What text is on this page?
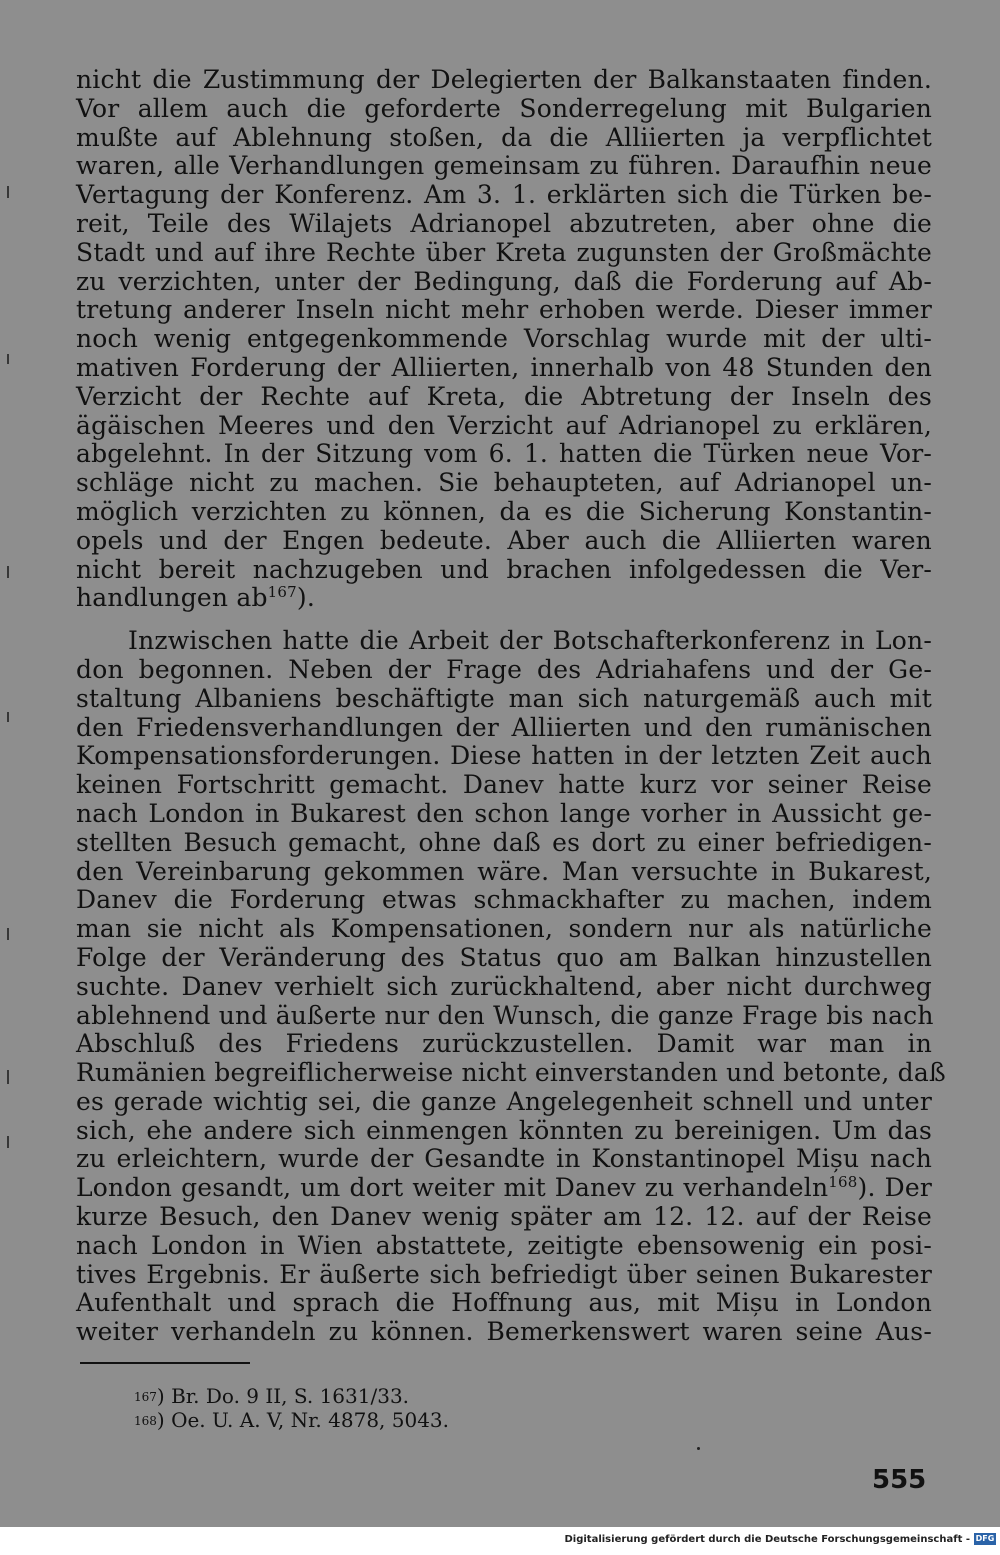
nicht die Zustimmung der Delegierten der Balkanstaaten finden.
Vor allem auch die geforderte Sonderregelung mit Bulgarien
mußte auf Ablehnung stoßen, da die Alliierten ja verpflichtet
waren, alle Verhandlungen gemeinsam zu führen. Daraufhin neue
Vertagung der Konferenz. Am 3. 1. erklärten sich die Türken be-
reit, Teile des Wilajets Adrianopel abzutreten, aber ohne die
Stadt und auf ihre Rechte über Kreta zugunsten der Großmächte
zu verzichten, unter der Bedingung, daß die Forderung auf Ab-
tretung anderer Inseln nicht mehr erhoben werde. Dieser immer
noch wenig entgegenkommende Vorschlag wurde mit der ulti-
mativen Forderung der Alliierten, innerhalb von 48 Stunden den
Verzicht der Rechte auf Kreta, die Abtretung der Inseln des
ägäischen Meeres und den Verzicht auf Adrianopel zu erklären,
abgelehnt. In der Sitzung vom 6. 1. hatten die Türken neue Vor-
schläge nicht zu machen. Sie behaupteten, auf Adrianopel un-
möglich verzichten zu können, da es die Sicherung Konstantin-
opels und der Engen bedeute. Aber auch die Alliierten waren
nicht bereit nachzugeben und brachen infolgedessen die Ver-
handlungen ab$^{167}$).
Inzwischen hatte die Arbeit der Botschafterkonferenz in Lon-
don begonnen. Neben der Frage des Adriahafens und der Ge-
staltung Albaniens beschäftigte man sich naturgemäß auch mit
den Friedensverhandlungen der Alliierten und den rumänischen
Kompensationsforderungen. Diese hatten in der letzten Zeit auch
keinen Fortschritt gemacht. Danev hatte kurz vor seiner Reise
nach London in Bukarest den schon lange vorher in Aussicht ge-
stellten Besuch gemacht, ohne daß es dort zu einer befriedigen-
den Vereinbarung gekommen wäre. Man versuchte in Bukarest,
Danev die Forderung etwas schmackhafter zu machen, indem
man sie nicht als Kompensationen, sondern nur als natürliche
Folge der Veränderung des Status quo am Balkan hinzustellen
suchte. Danev verhielt sich zurückhaltend, aber nicht durchweg
ablehnend und äußerte nur den Wunsch, die ganze Frage bis nach
Abschluß des Friedens zurückzustellen. Damit war man in
Rumänien begreiflicherweise nicht einverstanden und betonte, daß
es gerade wichtig sei, die ganze Angelegenheit schnell und unter
sich, ehe andere sich einmengen könnten zu bereinigen. Um das
zu erleichtern, wurde der Gesandte in Konstantinopel Mișu nach
London gesandt, um dort weiter mit Danev zu verhandeln$^{168}$). Der
kurze Besuch, den Danev wenig später am 12. 12. auf der Reise
nach London in Wien abstattete, zeitigte ebensowenig ein posi-
tives Ergebnis. Er äußerte sich befriedigt über seinen Bukarester
Aufenthalt und sprach die Hoffnung aus, mit Mișu in London
weiter verhandeln zu können. Bemerkenswert waren seine Aus-
$^{167}$) Br. Do. 9 II, S. 1631/33.
$^{168}$) Oe. U. A. V, Nr. 4878, 5043.
555
Digitalisierung gefördert durch die Deutsche Forschungsgemeinschaft - DFG
